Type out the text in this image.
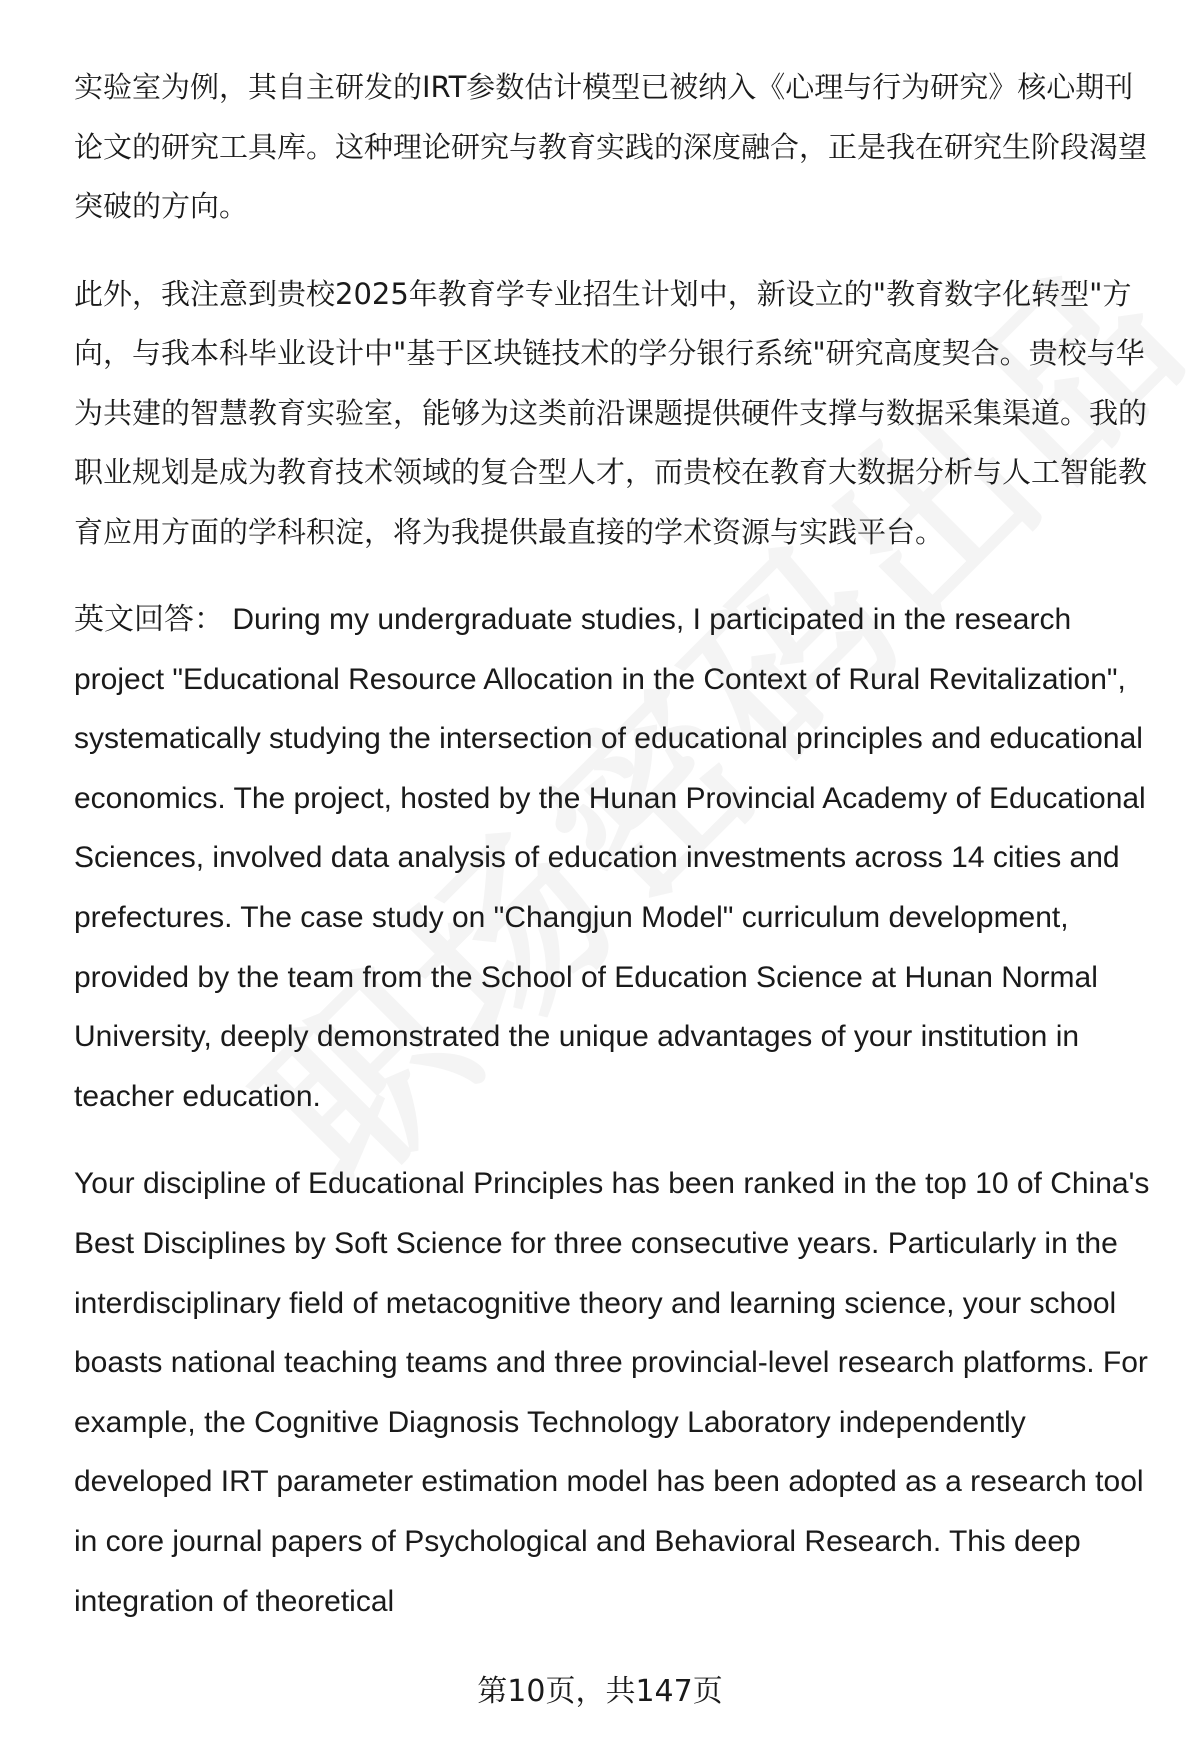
实验室为例，其自主研发的IRT参数估计模型已被纳入《心理与行为研究》核心期刊论文的研究工具库。这种理论研究与教育实践的深度融合，正是我在研究生阶段渴望突破的方向。

此外，我注意到贵校2025年教育学专业招生计划中，新设立的"教育数字化转型"方向，与我本科毕业设计中"基于区块链技术的学分银行系统"研究高度契合。贵校与华为共建的智慧教育实验室，能够为这类前沿课题提供硬件支撑与数据采集渠道。我的职业规划是成为教育技术领域的复合型人才，而贵校在教育大数据分析与人工智能教育应用方面的学科积淀，将为我提供最直接的学术资源与实践平台。

英文回答： During my undergraduate studies, I participated in the research project "Educational Resource Allocation in the Context of Rural Revitalization", systematically studying the intersection of educational principles and educational economics. The project, hosted by the Hunan Provincial Academy of Educational Sciences, involved data analysis of education investments across 14 cities and prefectures. The case study on "Changjun Model" curriculum development, provided by the team from the School of Education Science at Hunan Normal University, deeply demonstrated the unique advantages of your institution in teacher education.

Your discipline of Educational Principles has been ranked in the top 10 of China's Best Disciplines by Soft Science for three consecutive years. Particularly in the interdisciplinary field of metacognitive theory and learning science, your school boasts national teaching teams and three provincial-level research platforms. For example, the Cognitive Diagnosis Technology Laboratory independently developed IRT parameter estimation model has been adopted as a research tool in core journal papers of Psychological and Behavioral Research. This deep integration of theoretical

第10页，共147页
